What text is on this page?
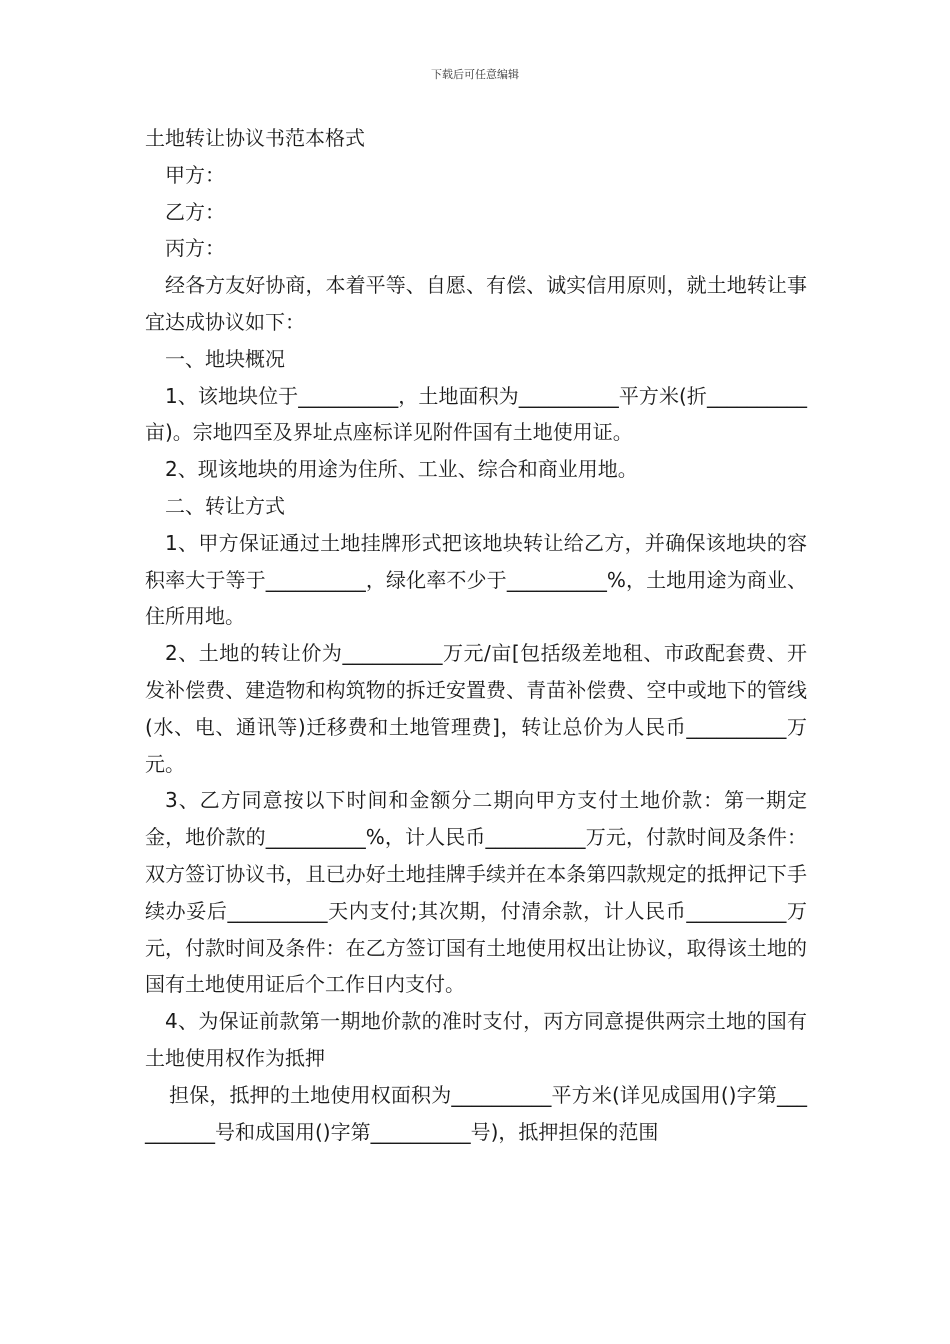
下载后可任意编辑

土地转让协议书范本格式

甲方：

乙方：

丙方：

经各方友好协商，本着平等、自愿、有偿、诚实信用原则，就土地转让事宜达成协议如下：

一、地块概况

1、该地块位于__________，土地面积为__________平方米(折__________亩)。宗地四至及界址点座标详见附件国有土地使用证。

2、现该地块的用途为住所、工业、综合和商业用地。

二、转让方式

1、甲方保证通过土地挂牌形式把该地块转让给乙方，并确保该地块的容积率大于等于__________，绿化率不少于__________%，土地用途为商业、住所用地。

2、土地的转让价为__________万元/亩[包括级差地租、市政配套费、开发补偿费、建造物和构筑物的拆迁安置费、青苗补偿费、空中或地下的管线(水、电、通讯等)迁移费和土地管理费]，转让总价为人民币__________万元。

3、乙方同意按以下时间和金额分二期向甲方支付土地价款：第一期定金，地价款的__________%，计人民币__________万元，付款时间及条件：双方签订协议书，且已办好土地挂牌手续并在本条第四款规定的抵押记下手续办妥后__________天内支付;其次期，付清余款，计人民币__________万元，付款时间及条件：在乙方签订国有土地使用权出让协议，取得该土地的国有土地使用证后个工作日内支付。

4、为保证前款第一期地价款的准时支付，丙方同意提供两宗土地的国有土地使用权作为抵押

担保，抵押的土地使用权面积为__________平方米(详见成国用()字第__________号和成国用()字第__________号)，抵押担保的范围
